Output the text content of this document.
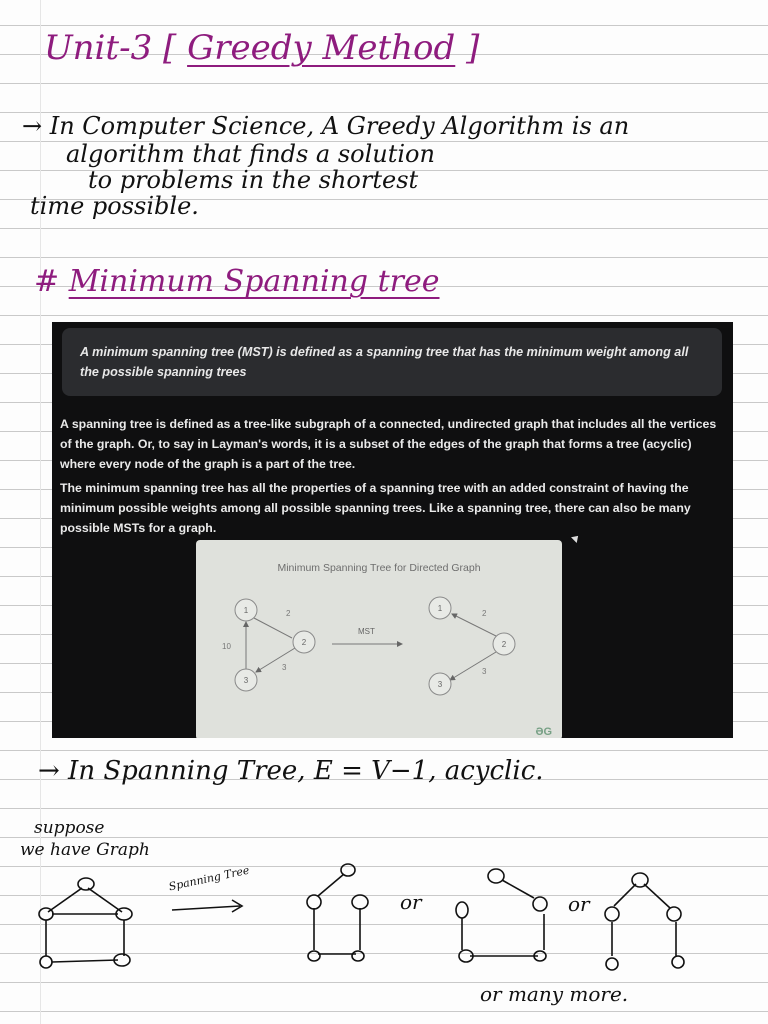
Unit-3 [ Greedy Method ]
→ In Computer Science, A Greedy Algorithm is an
algorithm that finds a solution
to problems in the shortest
time possible.
# Minimum Spanning tree
A minimum spanning tree (MST) is defined as a spanning tree that has the minimum weight among all the possible spanning trees
A spanning tree is defined as a tree-like subgraph of a connected, undirected graph that includes all the vertices of the graph. Or, to say in Layman's words, it is a subset of the edges of the graph that forms a tree (acyclic) where every node of the graph is a part of the tree.
The minimum spanning tree has all the properties of a spanning tree with an added constraint of having the minimum possible weights among all possible spanning trees. Like a spanning tree, there can also be many possible MSTs for a graph.
Minimum Spanning Tree for Directed Graph
1
2
3
2
10
3
MST
1
2
3
2
3
ƏG
→ In Spanning Tree, E = V−1, acyclic.
suppose
we have Graph
Spanning Tree
or	or
or many more.
